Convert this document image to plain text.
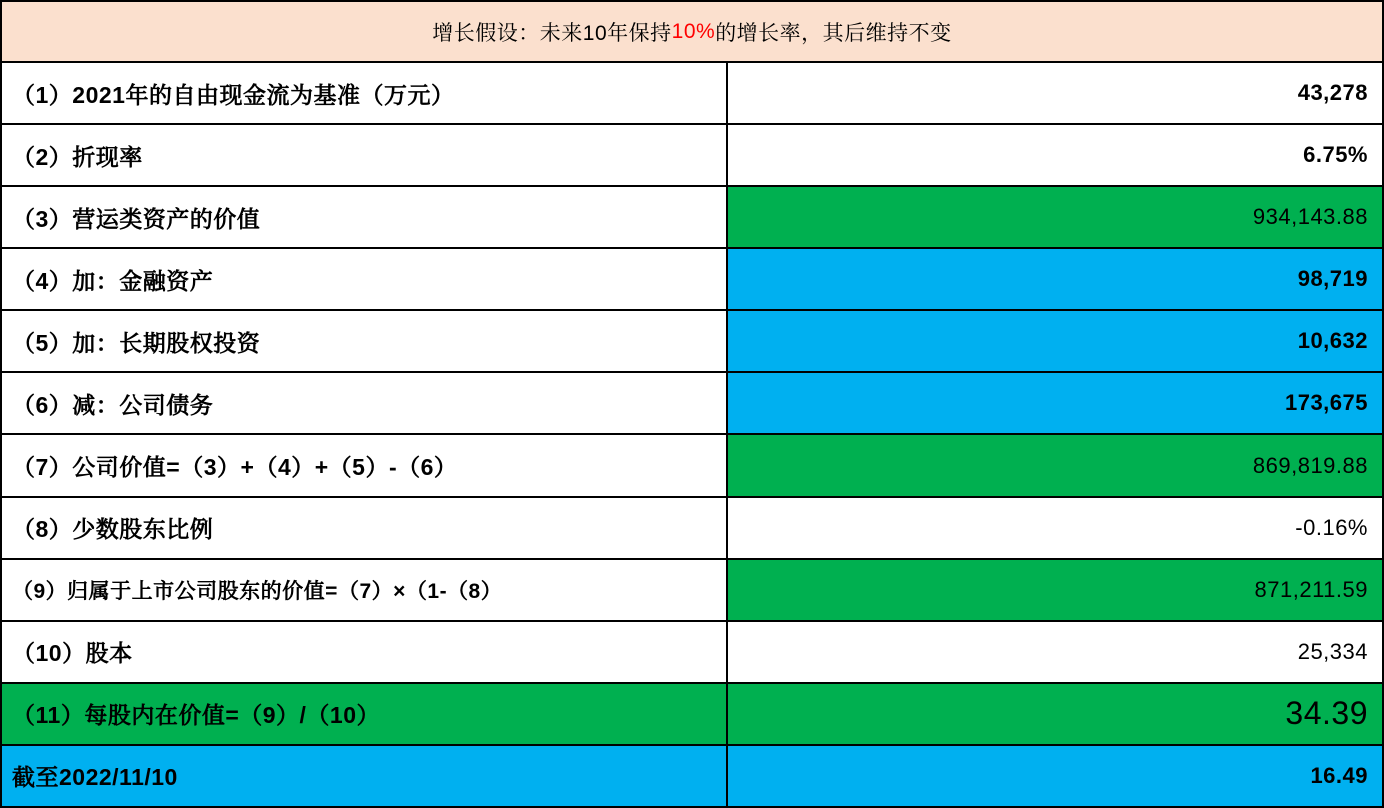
增长假设：未来10年保持 10% 的增长率，其后维持不变
（1）2021年的自由现金流为基准（万元）	43,278
（2）折现率	6.75%
（3）营运类资产的价值	934,143.88
（4）加：金融资产	98,719
（5）加：长期股权投资	10,632
（6）减：公司债务	173,675
（7）公司价值=（3）+（4）+（5）-（6）	869,819.88
（8）少数股东比例	-0.16%
（9）归属于上市公司股东的价值=（7）×（1-（8）	871,211.59
（10）股本	25,334
（11）每股内在价值=（9）/（10）	34.39
截至2022/11/10	16.49
